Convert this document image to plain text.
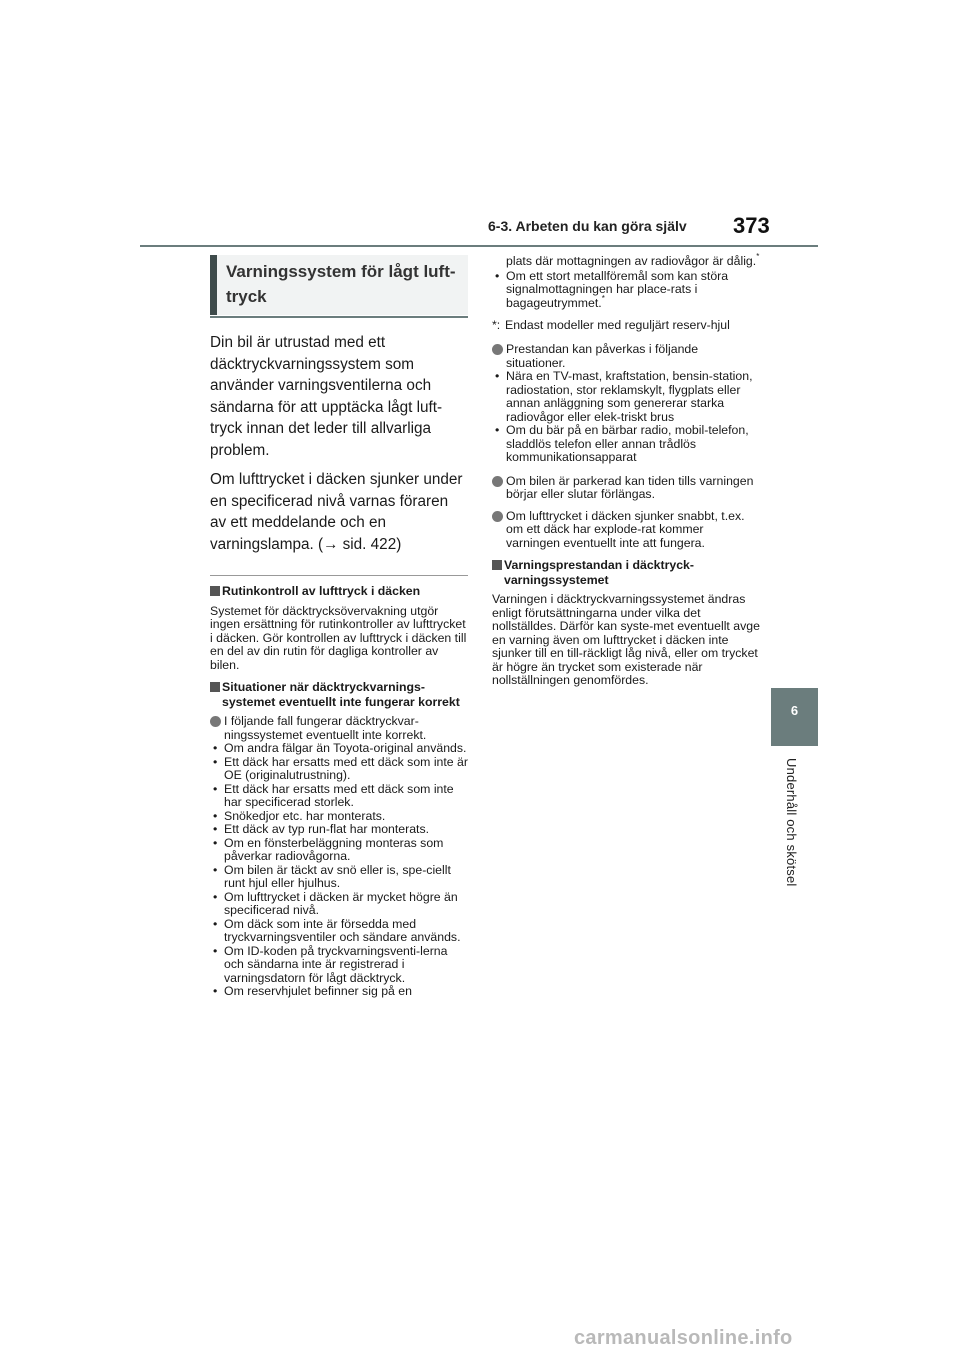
6-3. Arbeten du kan göra själv 373
6
Underhåll och skötsel
Varningssystem för lågt luft-tryck

Din bil är utrustad med ett däcktryckvarningssystem som använder varningsventilerna och sändarna för att upptäcka lågt luft-tryck innan det leder till allvarliga problem.

Om lufttrycket i däcken sjunker under en specificerad nivå varnas föraren av ett meddelande och en varningslampa. (→ sid. 422)

Rutinkontroll av lufttryck i däcken

Systemet för däcktrycksövervakning utgör ingen ersättning för rutinkontroller av lufttrycket i däcken. Gör kontrollen av lufttryck i däcken till en del av din rutin för dagliga kontroller av bilen.

Situationer när däcktryckvarnings-systemet eventuellt inte fungerar korrekt

I följande fall fungerar däcktryckvar-ningssystemet eventuellt inte korrekt.

• Om andra fälgar än Toyota-original används.
• Ett däck har ersatts med ett däck som inte är OE (originalutrustning).
• Ett däck har ersatts med ett däck som inte har specificerad storlek.
• Snökedjor etc. har monterats.
• Ett däck av typ run-flat har monterats.
• Om en fönsterbeläggning monteras som påverkar radiovågorna.
• Om bilen är täckt av snö eller is, spe-ciellt runt hjul eller hjulhus.
• Om lufttrycket i däcken är mycket högre än specificerad nivå.
• Om däck som inte är försedda med tryckvarningsventiler och sändare används.
• Om ID-koden på tryckvarningsventi-lerna och sändarna inte är registrerad i varningsdatorn för lågt däcktryck.
• Om reservhjulet befinner sig på en

plats där mottagningen av radiovågor är dålig.*

• Om ett stort metallföremål som kan störa signalmottagningen har place-rats i bagageutrymmet.*

*: Endast modeller med reguljärt reserv-hjul

Prestandan kan påverkas i följande situationer.

• Nära en TV-mast, kraftstation, bensin-station, radiostation, stor reklamskylt, flygplats eller annan anläggning som genererar starka radiovågor eller elek-triskt brus
• Om du bär på en bärbar radio, mobil-telefon, sladdlös telefon eller annan trådlös kommunikationsapparat

Om bilen är parkerad kan tiden tills varningen börjar eller slutar förlängas.

Om lufttrycket i däcken sjunker snabbt, t.ex. om ett däck har explode-rat kommer varningen eventuellt inte att fungera.

Varningsprestandan i däcktryck-varningssystemet

Varningen i däcktryckvarningssystemet ändras enligt förutsättningarna under vilka det nollställdes. Därför kan syste-met eventuellt avge en varning även om lufttrycket i däcken inte sjunker till en till-räckligt låg nivå, eller om trycket är högre än trycket som existerade när nollställningen genomfördes.

carmanualsonline.info
